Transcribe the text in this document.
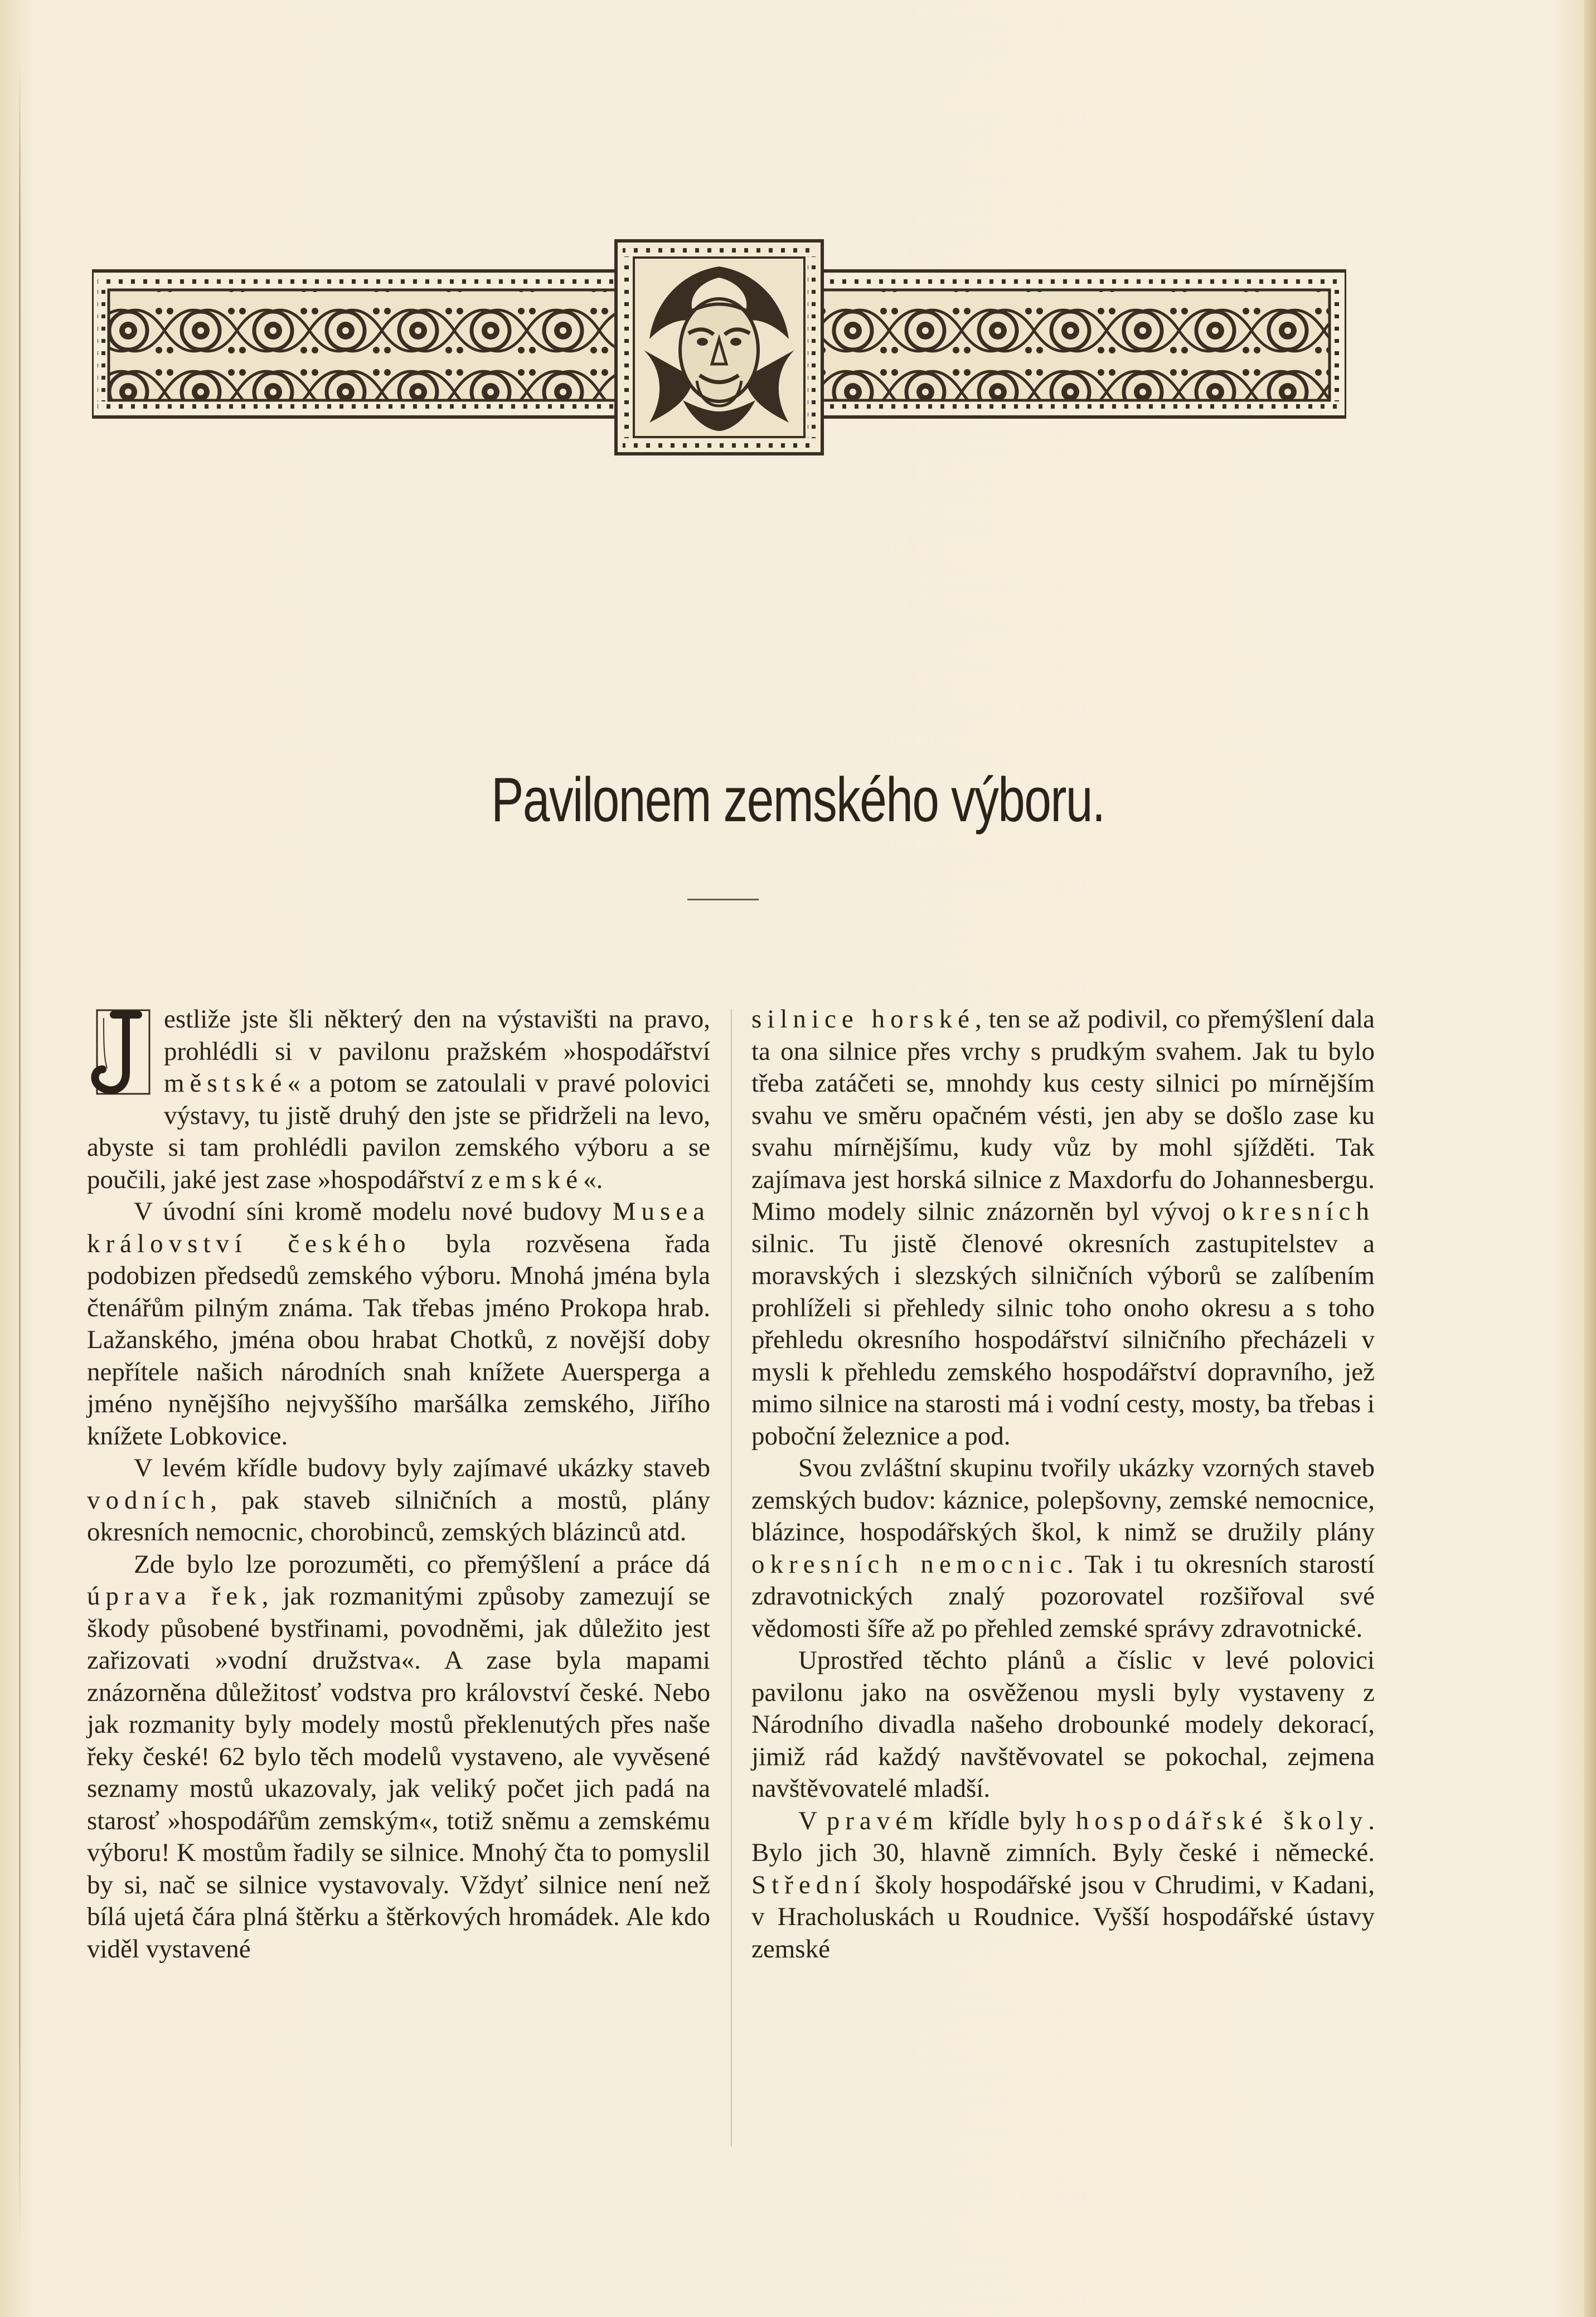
Pavilonem zemského výboru.

J estliže jste šli některý den na výstavišti na pravo, prohlédli si v pavilonu pražském »hospodářství městské« a potom se zatoulali v pravé polovici výstavy, tu jistě druhý den jste se přidrželi na levo, abyste si tam prohlédli pavilon zemského výboru a se poučili, jaké jest zase »hospodářství zemské«.

V úvodní síni kromě modelu nové budovy Musea království českého byla rozvěsena řada podobizen předsedů zemského výboru. Mnohá jména byla čtenářům pilným známa. Tak třebas jméno Prokopa hrab. Lažanského, jména obou hrabat Chotků, z novější doby nepřítele našich národních snah knížete Auersperga a jméno nynějšího nejvyššího maršálka zemského, Jiřího knížete Lobkovice.

V levém křídle budovy byly zajímavé ukázky staveb vodních, pak staveb silničních a mostů, plány okresních nemocnic, chorobinců, zemských blázinců atd.

Zde bylo lze porozuměti, co přemýšlení a práce dá úprava řek, jak rozmanitými způsoby zamezují se škody působené bystřinami, povodněmi, jak důležito jest zařizovati »vodní družstva«. A zase byla mapami znázorněna důležitosť vodstva pro království české. Nebo jak rozmanity byly modely mostů překlenutých přes naše řeky české! 62 bylo těch modelů vystaveno, ale vyvěsené seznamy mostů ukazovaly, jak veliký počet jich padá na starosť »hospodářům zemským«, totiž sněmu a zemskému výboru! K mostům řadily se silnice. Mnohý čta to pomyslil by si, nač se silnice vystavovaly. Vždyť silnice není než bílá ujetá čára plná štěrku a štěrkových hromádek. Ale kdo viděl vystavené

silnice horské, ten se až podivil, co přemýšlení dala ta ona silnice přes vrchy s prudkým svahem. Jak tu bylo třeba zatáčeti se, mnohdy kus cesty silnici po mírnějším svahu ve směru opačném vésti, jen aby se došlo zase ku svahu mírnějšímu, kudy vůz by mohl sjížděti. Tak zajímava jest horská silnice z Maxdorfu do Johannesbergu. Mimo modely silnic znázorněn byl vývoj okresních silnic. Tu jistě členové okresních zastupitelstev a moravských i slezských silničních výborů se zalíbením prohlíželi si přehledy silnic toho onoho okresu a s toho přehledu okresního hospodářství silničního přecházeli v mysli k přehledu zemského hospodářství dopravního, jež mimo silnice na starosti má i vodní cesty, mosty, ba třebas i poboční železnice a pod.

Svou zvláštní skupinu tvořily ukázky vzorných staveb zemských budov: káznice, polepšovny, zemské nemocnice, blázince, hospodářských škol, k nimž se družily plány okresních nemocnic. Tak i tu okresních starostí zdravotnických znalý pozorovatel rozšiřoval své vědomosti šíře až po přehled zemské správy zdravotnické.

Uprostřed těchto plánů a číslic v levé polovici pavilonu jako na osvěženou mysli byly vystaveny z Národního divadla našeho drobounké modely dekorací, jimiž rád každý navštěvovatel se pokochal, zejmena navštěvovatelé mladší.

V pravém křídle byly hospodářské školy. Bylo jich 30, hlavně zimních. Byly české i německé. Střední školy hospodářské jsou v Chrudimi, v Kadani, v Hracholuskách u Roudnice. Vyšší hospodářské ústavy zemské
